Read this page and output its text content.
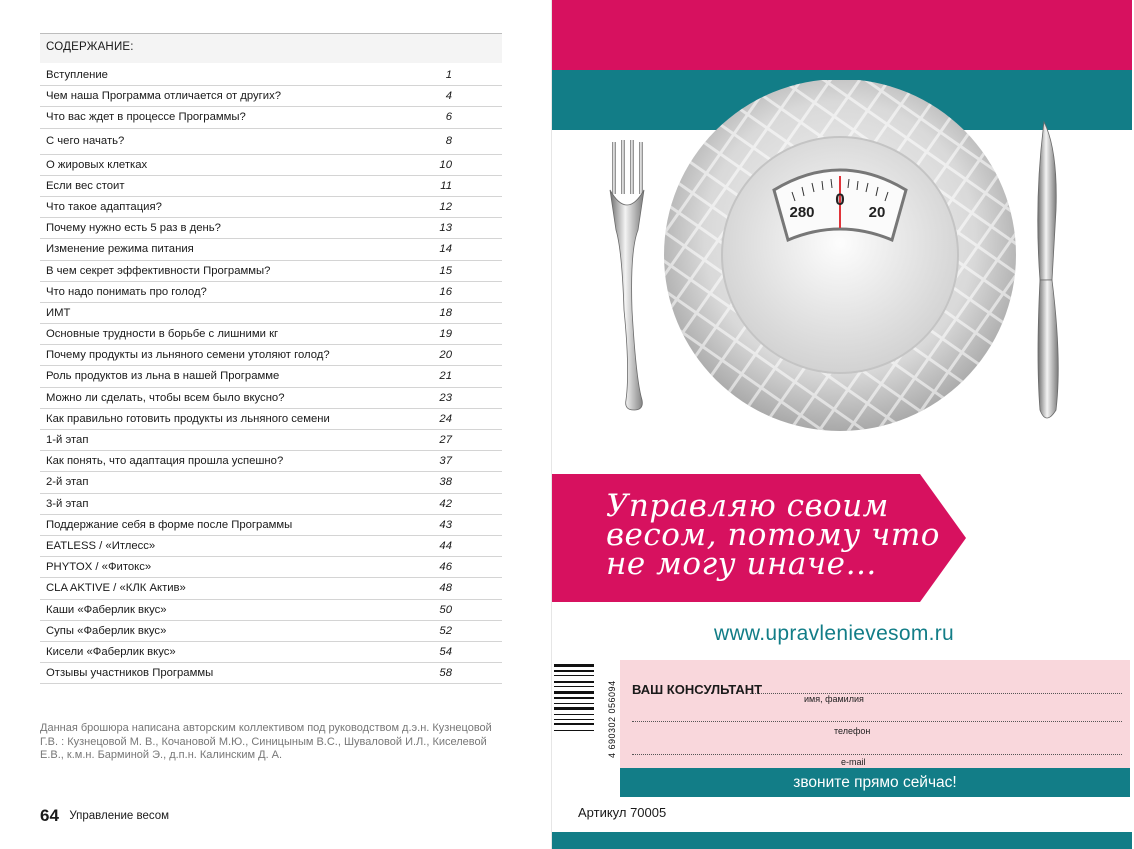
СОДЕРЖАНИЕ:
Вступление	1
Чем наша Программа отличается от других?	4
Что вас ждет в процессе Программы?	6
С чего начать?	8
О жировых клетках	10
Если вес стоит	11
Что такое адаптация?	12
Почему нужно есть 5 раз в день?	13
Изменение режима питания	14
В чем секрет эффективности Программы?	15
Что надо понимать про голод?	16
ИМТ	18
Основные трудности в борьбе с лишними кг	19
Почему продукты из льняного семени утоляют голод?	20
Роль продуктов из льна в нашей Программе	21
Можно ли сделать, чтобы всем было вкусно?	23
Как правильно готовить продукты из льняного семени	24
1-й этап	27
Как понять, что адаптация прошла успешно?	37
2-й этап	38
3-й этап	42
Поддержание себя в форме после Программы	43
EATLESS / «Итлесс»	44
PHYTOX / «Фитокс»	46
CLA AKTIVE / «КЛК Актив»	48
Каши «Фаберлик вкус»	50
Супы «Фаберлик вкус»	52
Кисели «Фаберлик вкус»	54
Отзывы участников Программы	58
Данная брошюра написана авторским коллективом под руководством д.э.н. Кузнецовой Г.В. : Кузнецовой М. В., Кочановой М.Ю., Синицыным В.С., Шуваловой И.Л., Киселевой Е.В., к.м.н. Барминой Э., д.п.н. Калинским Д. А.
64 Управление весом
280
0
20
Управляю своим
весом, потому что
не могу иначе…
www.upravlenievesom.ru
4 690302 056094 ВАШ КОНСУЛЬТАНТ
имя, фамилия
телефон
e-mail
звоните прямо сейчас!
Артикул 70005
